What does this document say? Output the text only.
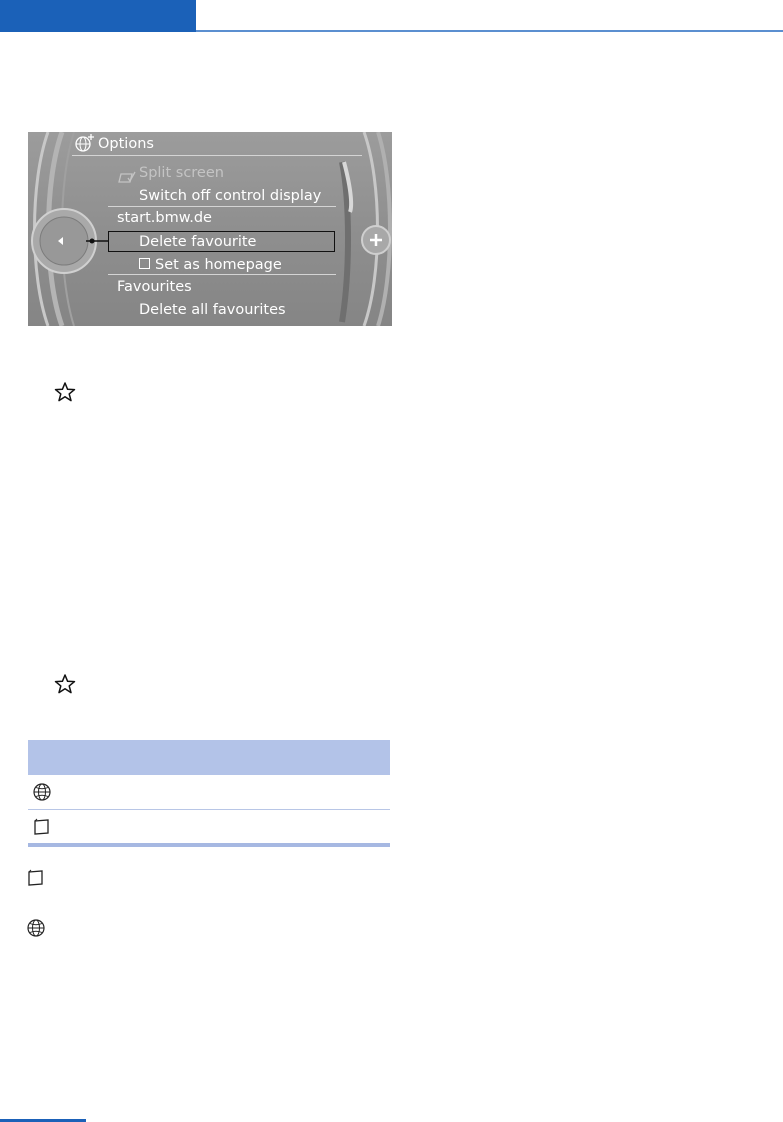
Options
Split screen
Switch off control display
start.bmw.de
Delete favourite
Set as homepage
Favourites
Delete all favourites
